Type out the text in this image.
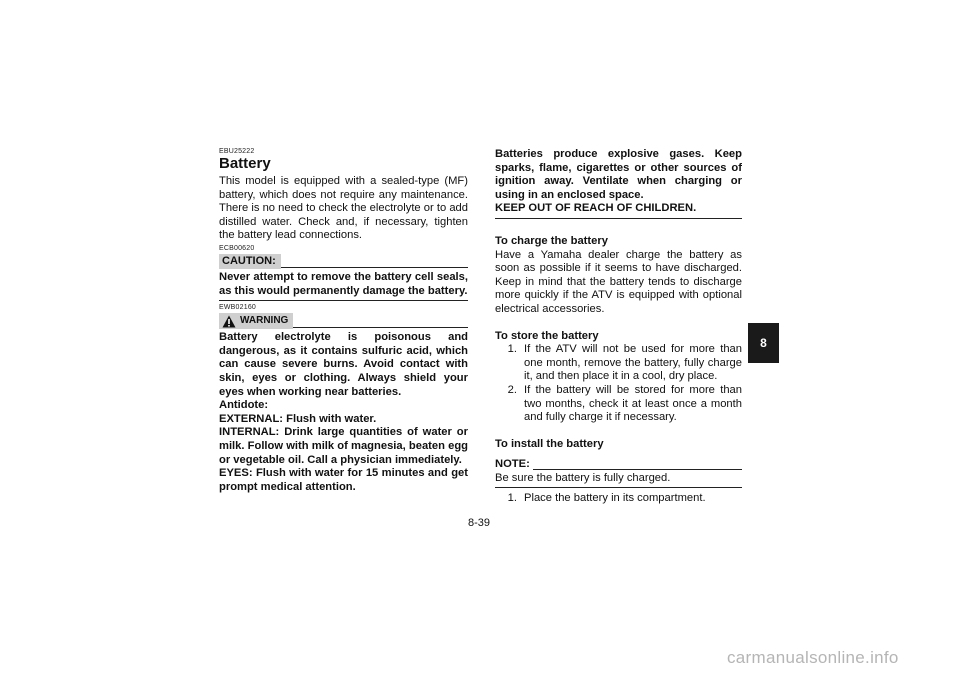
EBU25222
Battery

This model is equipped with a sealed-type (MF) battery, which does not require any maintenance. There is no need to check the electrolyte or to add distilled water. Check and, if necessary, tighten the battery lead connections.

ECB00620
CAUTION:

Never attempt to remove the battery cell seals, as this would permanently damage the battery.

EWB02160
WARNING

Battery electrolyte is poisonous and dangerous, as it contains sulfuric acid, which can cause severe burns. Avoid contact with skin, eyes or clothing. Always shield your eyes when working near batteries.

Antidote:
EXTERNAL: Flush with water.
INTERNAL: Drink large quantities of water or milk. Follow with milk of magnesia, beaten egg or vegetable oil. Call a physician immediately.
EYES: Flush with water for 15 minutes and get prompt medical attention.

Batteries produce explosive gases. Keep sparks, flame, cigarettes or other sources of ignition away. Ventilate when charging or using in an enclosed space.

KEEP OUT OF REACH OF CHILDREN.
To charge the battery

Have a Yamaha dealer charge the battery as soon as possible if it seems to have discharged. Keep in mind that the battery tends to discharge more quickly if the ATV is equipped with optional electrical accessories.

To store the battery
1. If the ATV will not be used for more than one month, remove the battery, fully charge it, and then place it in a cool, dry place.
2. If the battery will be stored for more than two months, check it at least once a month and fully charge it if necessary.
To install the battery
NOTE:

Be sure the battery is fully charged.

1. Place the battery in its compartment.
8-39
8
carmanualsonline.info
